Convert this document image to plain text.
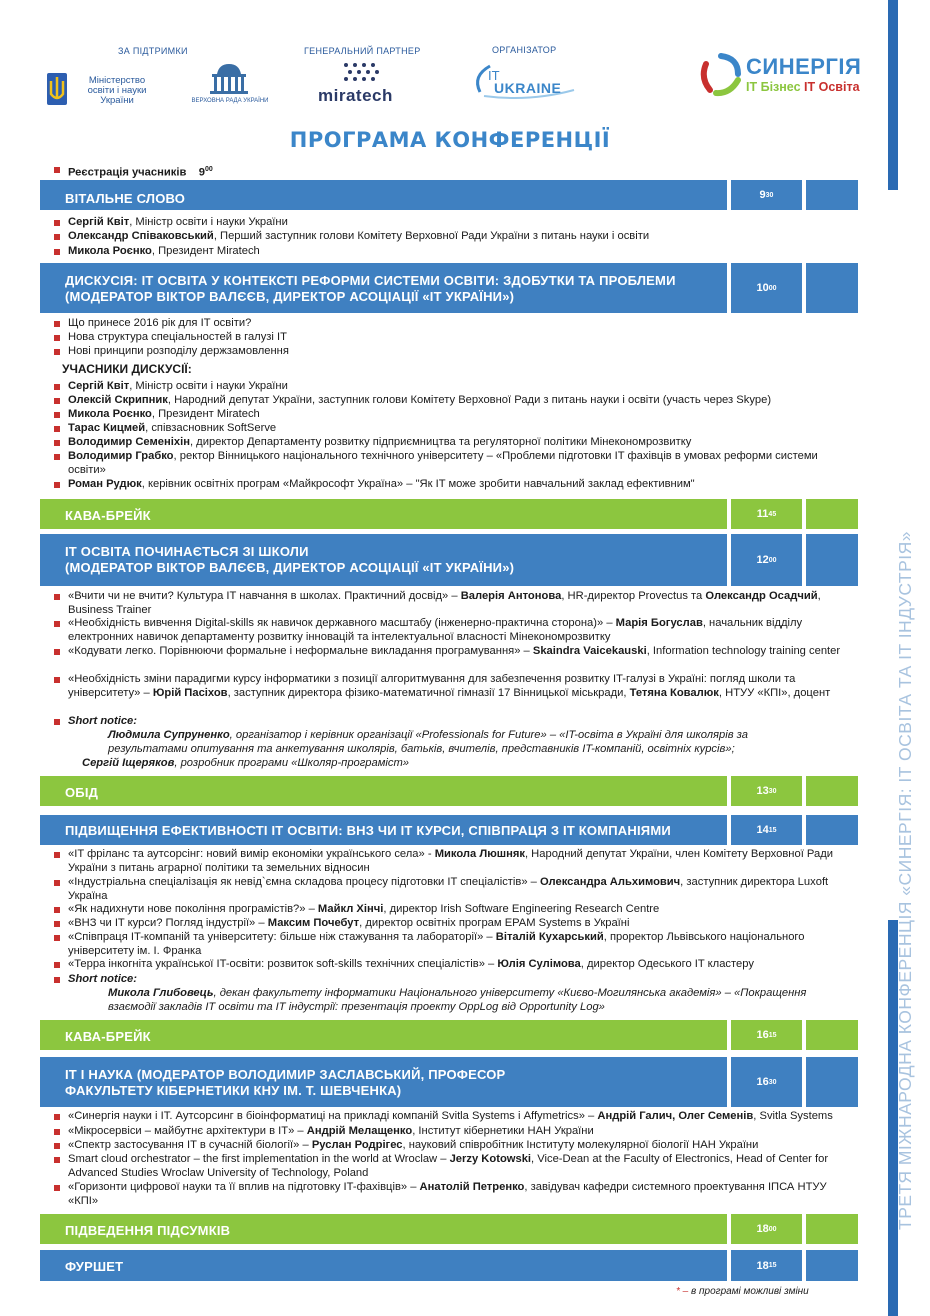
ТРЕТЯ МІЖНАРОДНА КОНФЕРЕНЦІЯ «СИНЕРГІЯ: IT ОСВІТА ТА IT ІНДУСТРІЯ»
ЗА ПІДТРИМКИ	ГЕНЕРАЛЬНИЙ ПАРТНЕР	ОРГАНІЗАТОР
Міністерство
освіти і науки
України	ВЕРХОВНА РАДА УКРАЇНИ	miratech
IT
UKRAINE
СИНЕРГІЯ
IT Бізнес IT Освіта
ПРОГРАМА КОНФЕРЕНЦІЇ
Реєстрація учасників $9^{00}$
9 30
ВІТАЛЬНЕ СЛОВО
Сергій Квіт, Міністр освіти і науки України
Олександр Співаковський, Перший заступник голови Комітету Верховної Ради України з питань науки і освіти
Микола Роєнко, Президент Miratech
10 00
ДИСКУСІЯ: IT ОСВІТА У КОНТЕКСТІ РЕФОРМИ СИСТЕМИ ОСВІТИ: ЗДОБУТКИ ТА ПРОБЛЕМИ
(МОДЕРАТОР ВІКТОР ВАЛЄЄВ, ДИРЕКТОР АСОЦІАЦІЇ «IT УКРАЇНИ»)
Що принесе 2016 рік для IT освіти?
Нова структура спеціальностей в галузі IT
Нові принципи розподілу держзамовлення
УЧАСНИКИ ДИСКУСІЇ:
Сергій Квіт, Міністр освіти і науки України
Олексій Скрипник, Народний депутат України, заступник голови Комітету Верховної Ради з питань науки і освіти (участь через Skype)
Микола Роєнко, Президент Miratech
Тарас Кицмей, співзасновник SoftServe
Володимир Семеніхін, директор Департаменту розвитку підприємництва та регуляторної політики Мінекономрозвитку
Володимир Грабко, ректор Вінницького національного технічного університету – «Проблеми підготовки IT фахівців в умовах реформи системи освіти»
Роман Рудюк, керівник освітніх програм «Майкрософт Україна» – "Як IT може зробити навчальний заклад ефективним"
11 45
КАВА-БРЕЙК
12 00
IT ОСВІТА ПОЧИНАЄТЬСЯ ЗІ ШКОЛИ
(МОДЕРАТОР ВІКТОР ВАЛЄЄВ, ДИРЕКТОР АСОЦІАЦІЇ «IT УКРАЇНИ»)
«Вчити чи не вчити? Культура IT навчання в школах. Практичний досвід» – Валерія Антонова, HR-директор Provectus та Олександр Осадчий, Business Trainer
«Необхідність вивчення Digital-skills як навичок державного масштабу (інженерно-практична сторона)» – Марія Богуслав, начальник відділу електронних навичок департаменту розвитку інновацій та інтелектуальної власності Мінекономрозвитку
«Кодувати легко. Порівнюючи формальне і неформальне викладання програмування» – Skaindra Vaicekauski, Information technology training center
«Необхідність зміни парадигми курсу інформатики з позиції алгоритмування для забезпечення розвитку IT-галузі в Україні: погляд школи та університету» – Юрій Пасіхов, заступник директора фізико-математичної гімназії 17 Вінницької міськради, Тетяна Ковалюк, НТУУ «КПІ», доцент
Short notice:
Людмила Супруненко, організатор і керівник організації «Professionals for Future» – «IT-освіта в Україні для школярів за результатами опитування та анкетування школярів, батьків, вчителів, представників IT-компаній, освітніх курсів»;
Сергій Іщеряков, розробник програми «Школяр-програміст»
13 30
ОБІД
14 15
ПІДВИЩЕННЯ ЕФЕКТИВНОСТІ IT ОСВІТИ: ВНЗ ЧИ IT КУРСИ, СПІВПРАЦЯ З IT КОМПАНІЯМИ
«IT фріланс та аутсорсінг: новий вимір економіки українського села» - Микола Люшняк, Народний депутат України, член Комітету Верховної Ради України з питань аграрної політики та земельних відносин
«Індустріальна спеціалізація як невід`ємна складова процесу підготовки IT спеціалістів» – Олександра Альхимович, заступник директора Luxoft Україна
«Як надихнути нове покоління програмістів?» – Майкл Хінчі, директор Irish Software Engineering Research Centre
«ВНЗ чи IT курси? Погляд індустрії» – Максим Почебут, директор освітніх програм EPAM Systems в Україні
«Співпраця IT-компаній та університету: більше ніж стажування та лабораторії» – Віталій Кухарський, проректор Львівського національного університету ім. І. Франка
«Терра інкогніта української IT-освіти: розвиток soft-skills технічних спеціалістів» – Юлія Сулімова, директор Одеського IT кластеру
Short notice:
Микола Глибовець, декан факультету інформатики Національного університету «Києво-Могилянська академія» – «Покращення взаємодії закладів IT освіти та IT індустрії: презентація проекту OppLog від Opportunity Log»
16 15
КАВА-БРЕЙК
16 30
IT І НАУКА (МОДЕРАТОР ВОЛОДИМИР ЗАСЛАВСЬКИЙ, ПРОФЕСОР
ФАКУЛЬТЕТУ КІБЕРНЕТИКИ КНУ ІМ. Т. ШЕВЧЕНКА)
«Синергія науки і IT. Аутсорсинг в біоінформатиці на прикладі компаній Svitla Systems і Affymetrics» – Андрій Галич, Олег Семенів, Svitla Systems
«Мікросервіси – майбутнє архітектури в IT» – Андрій Мелащенко, Інститут кібернетики НАН України
«Спектр застосування IT в сучасній біології» – Руслан Родрігес, науковий співробітник Інституту молекулярної біології НАН України
Smart cloud orchestrator – the first implementation in the world at Wroclaw – Jerzy Kotowski, Vice-Dean at the Faculty of Electronics, Head of Center for Advanced Studies Wroclaw University of Technology, Poland
«Горизонти цифрової науки та її вплив на підготовку IT-фахівців» – Анатолій Петренко, завідувач кафедри системного проектування ІПСА НТУУ «КПІ»
18 00
ПІДВЕДЕННЯ ПІДСУМКІВ
18 15
ФУРШЕТ
* – в програмі можливі зміни
